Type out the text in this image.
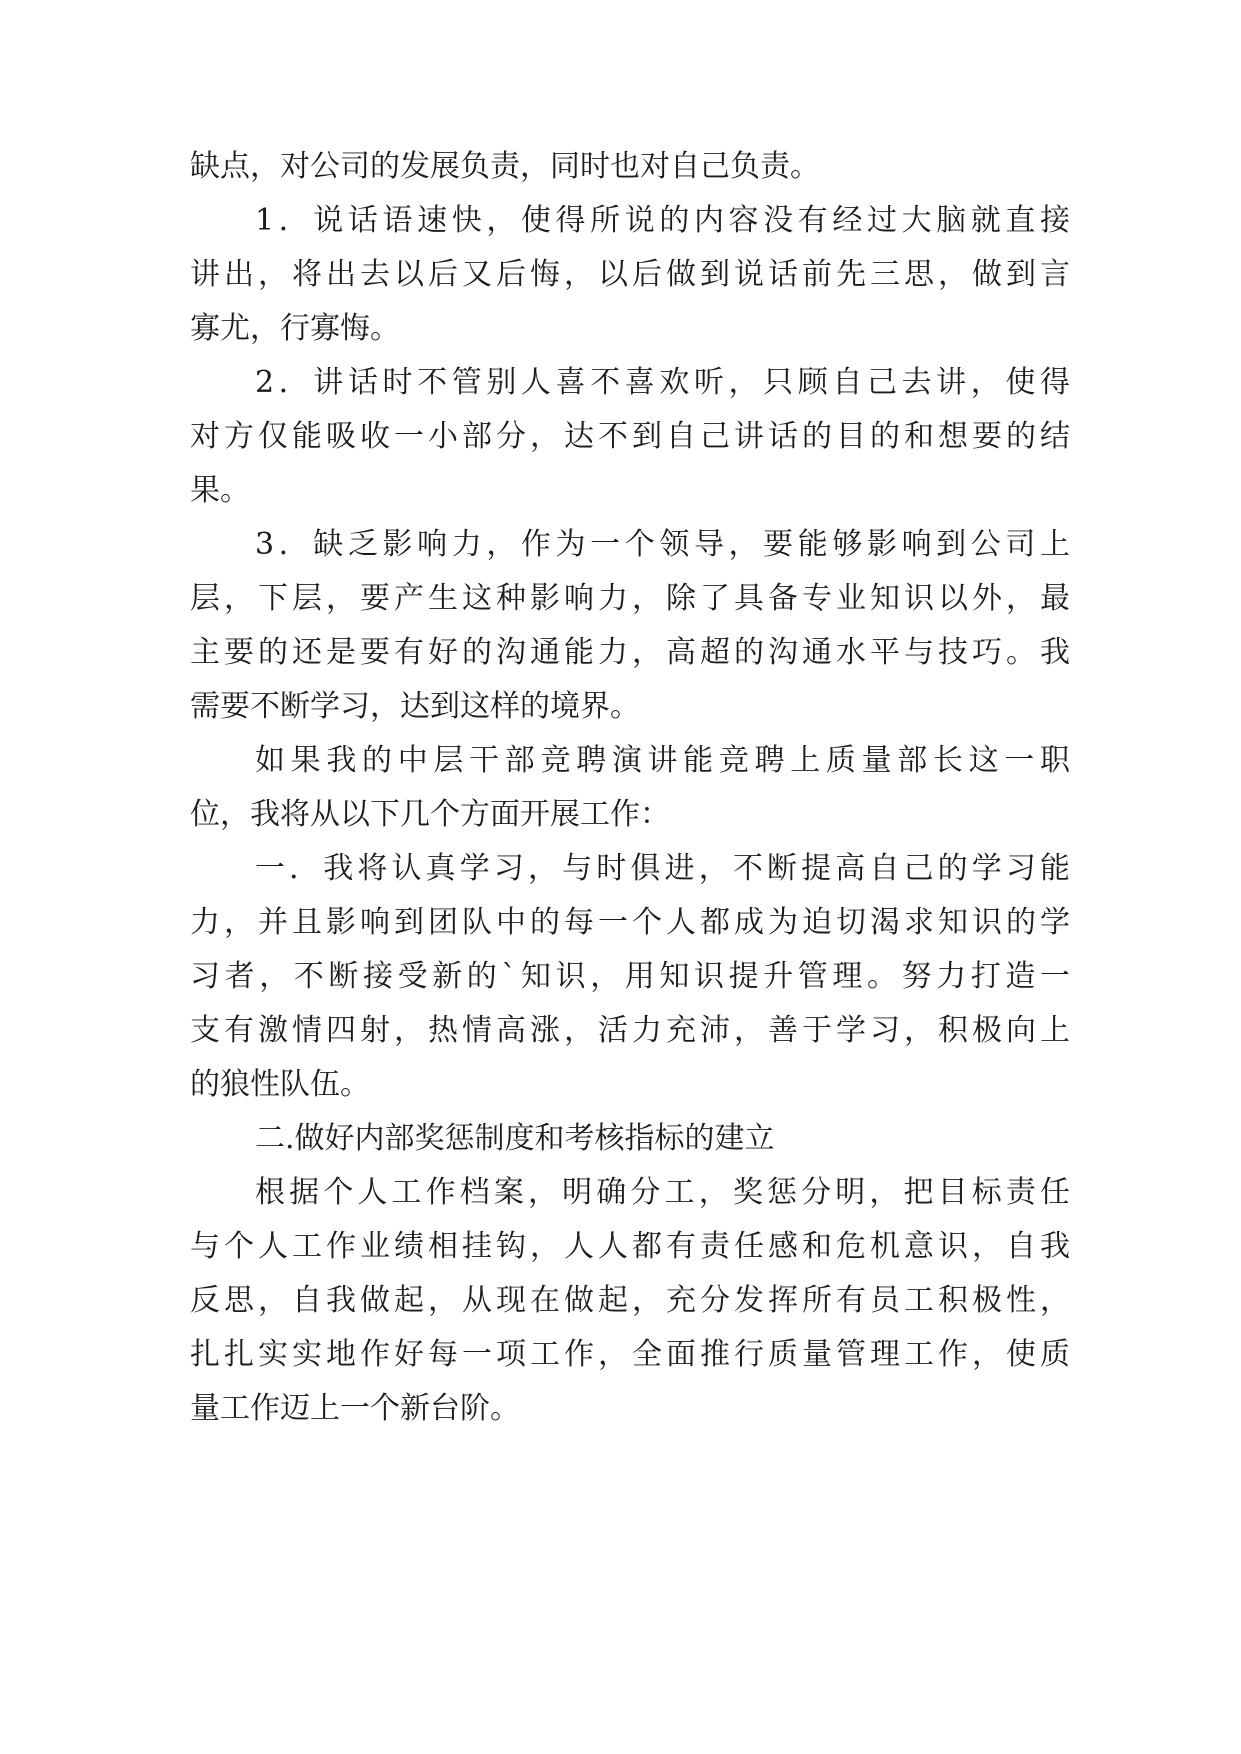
缺点，对公司的发展负责，同时也对自己负责。
1．说话语速快，使得所说的内容没有经过大脑就直接
讲出，将出去以后又后悔，以后做到说话前先三思，做到言
寡尤，行寡悔。
2．讲话时不管别人喜不喜欢听，只顾自己去讲，使得
对方仅能吸收一小部分，达不到自己讲话的目的和想要的结
果。
3．缺乏影响力，作为一个领导，要能够影响到公司上
层，下层，要产生这种影响力，除了具备专业知识以外，最
主要的还是要有好的沟通能力，高超的沟通水平与技巧。我
需要不断学习，达到这样的境界。
如果我的中层干部竞聘演讲能竞聘上质量部长这一职
位，我将从以下几个方面开展工作：
一．我将认真学习，与时俱进，不断提高自己的学习能
力，并且影响到团队中的每一个人都成为迫切渴求知识的学
习者，不断接受新的`知识，用知识提升管理。努力打造一
支有激情四射，热情高涨，活力充沛，善于学习，积极向上
的狼性队伍。
二.做好内部奖惩制度和考核指标的建立
根据个人工作档案，明确分工，奖惩分明，把目标责任
与个人工作业绩相挂钩，人人都有责任感和危机意识，自我
反思，自我做起，从现在做起，充分发挥所有员工积极性，
扎扎实实地作好每一项工作，全面推行质量管理工作，使质
量工作迈上一个新台阶。
